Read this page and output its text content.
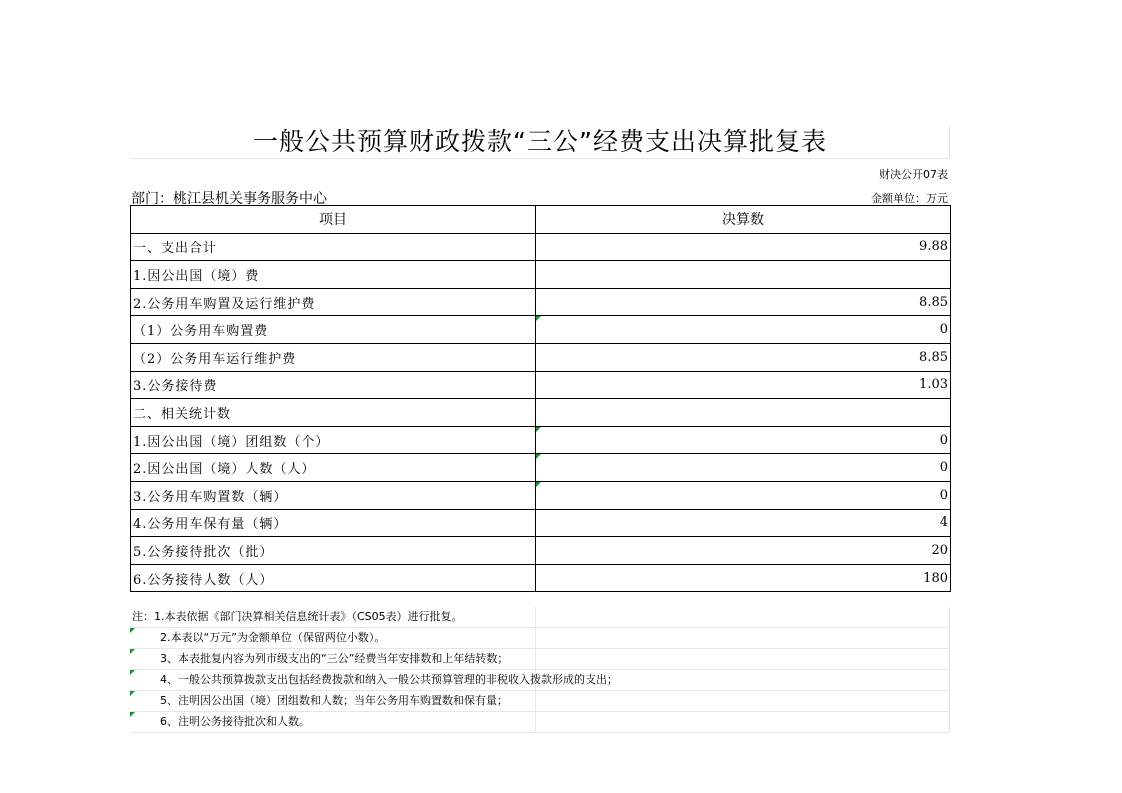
一般公共预算财政拨款“三公”经费支出决算批复表
财决公开07表
部门：桃江县机关事务服务中心	金额单位：万元
项目	决算数
一、支出合计	9.88
1.因公出国（境）费	
2.公务用车购置及运行维护费	8.85
（1）公务用车购置费	0
（2）公务用车运行维护费	8.85
3.公务接待费	1.03
二、相关统计数	
1.因公出国（境）团组数（个）	0
2.因公出国（境）人数（人）	0
3.公务用车购置数（辆）	0
4.公务用车保有量（辆）	4
5.公务接待批次（批）	20
6.公务接待人数（人）	180
注：1.本表依据《部门决算相关信息统计表》（CS05表）进行批复。
2.本表以“万元”为金额单位（保留两位小数）。
3、本表批复内容为列市级支出的“三公”经费当年安排数和上年结转数；
4、一般公共预算拨款支出包括经费拨款和纳入一般公共预算管理的非税收入拨款形成的支出；
5、注明因公出国（境）团组数和人数；当年公务用车购置数和保有量；
6、注明公务接待批次和人数。
